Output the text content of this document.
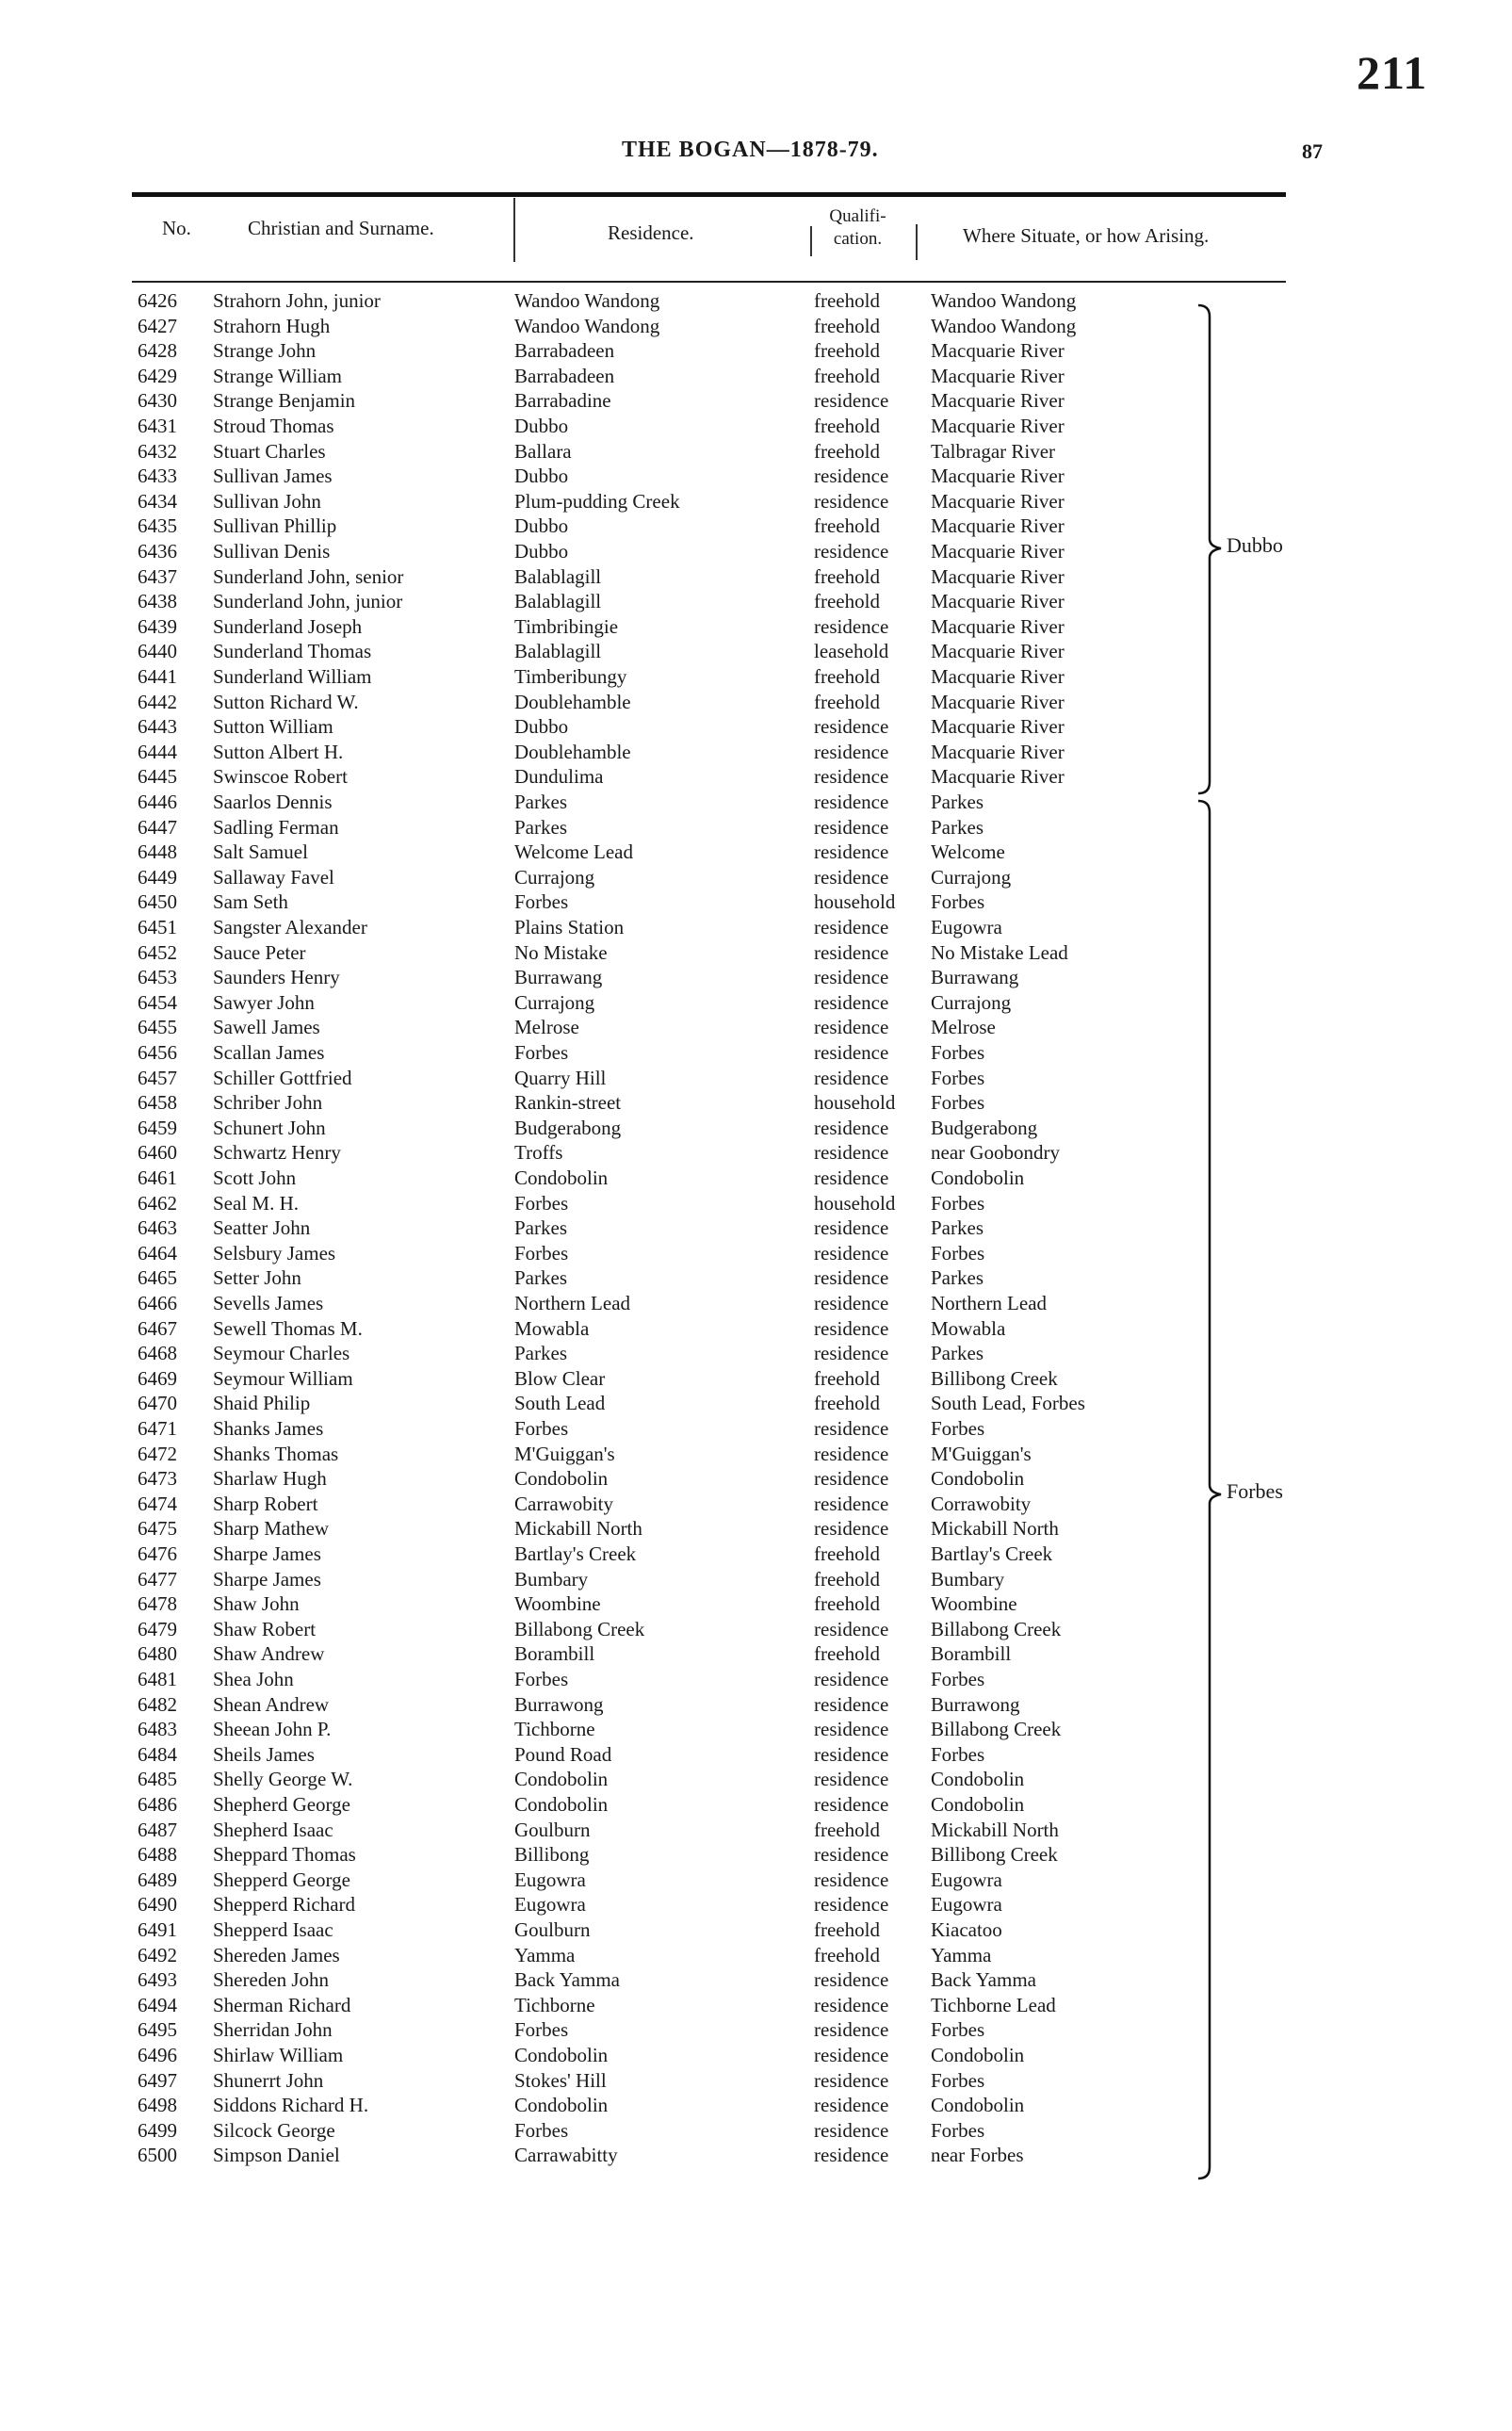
211
THE BOGAN—1878-79.	87
No.	Christian and Surname.	Residence.
Qualifi-cation.	Where Situate, or how Arising.
6426 Strahorn John, junior	Wandoo Wandong	freehold	Wandoo Wandong
6427 Strahorn Hugh	Wandoo Wandong	freehold	Wandoo Wandong
6428 Strange John	Barrabadeen	freehold	Macquarie River
6429 Strange William	Barrabadeen	freehold	Macquarie River
6430 Strange Benjamin	Barrabadine	residence Macquarie River
6431 Stroud Thomas	Dubbo	freehold	Macquarie River
6432 Stuart Charles	Ballara	freehold	Talbragar River
6433 Sullivan James	Dubbo	residence Macquarie River
6434 Sullivan John	Plum-pudding Creek	residence Macquarie River
6435 Sullivan Phillip	Dubbo	freehold	Macquarie River
6436 Sullivan Denis	Dubbo	residence Macquarie River
6437 Sunderland John, senior	Balablagill	freehold	Macquarie River
6438 Sunderland John, junior	Balablagill	freehold	Macquarie River
6439 Sunderland Joseph	Timbribingie	residence Macquarie River
6440 Sunderland Thomas	Balablagill	leasehold Macquarie River
6441 Sunderland William	Timberibungy	freehold	Macquarie River
6442 Sutton Richard W.	Doublehamble	freehold	Macquarie River
6443 Sutton William	Dubbo	residence Macquarie River
6444 Sutton Albert H.	Doublehamble	residence Macquarie River
6445 Swinscoe Robert	Dundulima	residence Macquarie River
6446 Saarlos Dennis	Parkes	residence Parkes
6447 Sadling Ferman	Parkes	residence Parkes
6448 Salt Samuel	Welcome Lead	residence Welcome
6449 Sallaway Favel	Currajong	residence Currajong
6450 Sam Seth	Forbes	household Forbes
6451 Sangster Alexander	Plains Station	residence Eugowra
6452 Sauce Peter	No Mistake	residence No Mistake Lead
6453 Saunders Henry	Burrawang	residence Burrawang
6454 Sawyer John	Currajong	residence Currajong
6455 Sawell James	Melrose	residence Melrose
6456 Scallan James	Forbes	residence Forbes
6457 Schiller Gottfried	Quarry Hill	residence Forbes
6458 Schriber John	Rankin-street	household Forbes
6459 Schunert John	Budgerabong	residence Budgerabong
6460 Schwartz Henry	Troffs	residence near Goobondry
6461 Scott John	Condobolin	residence Condobolin
6462 Seal M. H.	Forbes	household Forbes
6463 Seatter John	Parkes	residence Parkes
6464 Selsbury James	Forbes	residence Forbes
6465 Setter John	Parkes	residence Parkes
6466 Sevells James	Northern Lead	residence Northern Lead
6467 Sewell Thomas M.	Mowabla	residence Mowabla
6468 Seymour Charles	Parkes	residence Parkes
6469 Seymour William	Blow Clear	freehold	Billibong Creek
6470 Shaid Philip	South Lead	freehold	South Lead, Forbes
6471 Shanks James	Forbes	residence Forbes
6472 Shanks Thomas	M'Guiggan's	residence M'Guiggan's
6473 Sharlaw Hugh	Condobolin	residence Condobolin
6474 Sharp Robert	Carrawobity	residence Corrawobity
6475 Sharp Mathew	Mickabill North	residence Mickabill North
6476 Sharpe James	Bartlay's Creek	freehold	Bartlay's Creek
6477 Sharpe James	Bumbary	freehold	Bumbary
6478 Shaw John	Woombine	freehold	Woombine
6479 Shaw Robert	Billabong Creek	residence Billabong Creek
6480 Shaw Andrew	Borambill	freehold	Borambill
6481 Shea John	Forbes	residence Forbes
6482 Shean Andrew	Burrawong	residence Burrawong
6483 Sheean John P.	Tichborne	residence Billabong Creek
6484 Sheils James	Pound Road	residence Forbes
6485 Shelly George W.	Condobolin	residence Condobolin
6486 Shepherd George	Condobolin	residence Condobolin
6487 Shepherd Isaac	Goulburn	freehold	Mickabill North
6488 Sheppard Thomas	Billibong	residence Billibong Creek
6489 Shepperd George	Eugowra	residence Eugowra
6490 Shepperd Richard	Eugowra	residence Eugowra
6491 Shepperd Isaac	Goulburn	freehold	Kiacatoo
6492 Shereden James	Yamma	freehold	Yamma
6493 Shereden John	Back Yamma	residence Back Yamma
6494 Sherman Richard	Tichborne	residence Tichborne Lead
6495 Sherridan John	Forbes	residence Forbes
6496 Shirlaw William	Condobolin	residence Condobolin
6497 Shunerrt John	Stokes' Hill	residence Forbes
6498 Siddons Richard H.	Condobolin	residence Condobolin
6499 Silcock George	Forbes	residence Forbes
6500 Simpson Daniel	Carrawabitty	residence near Forbes
Dubbo
Forbes
